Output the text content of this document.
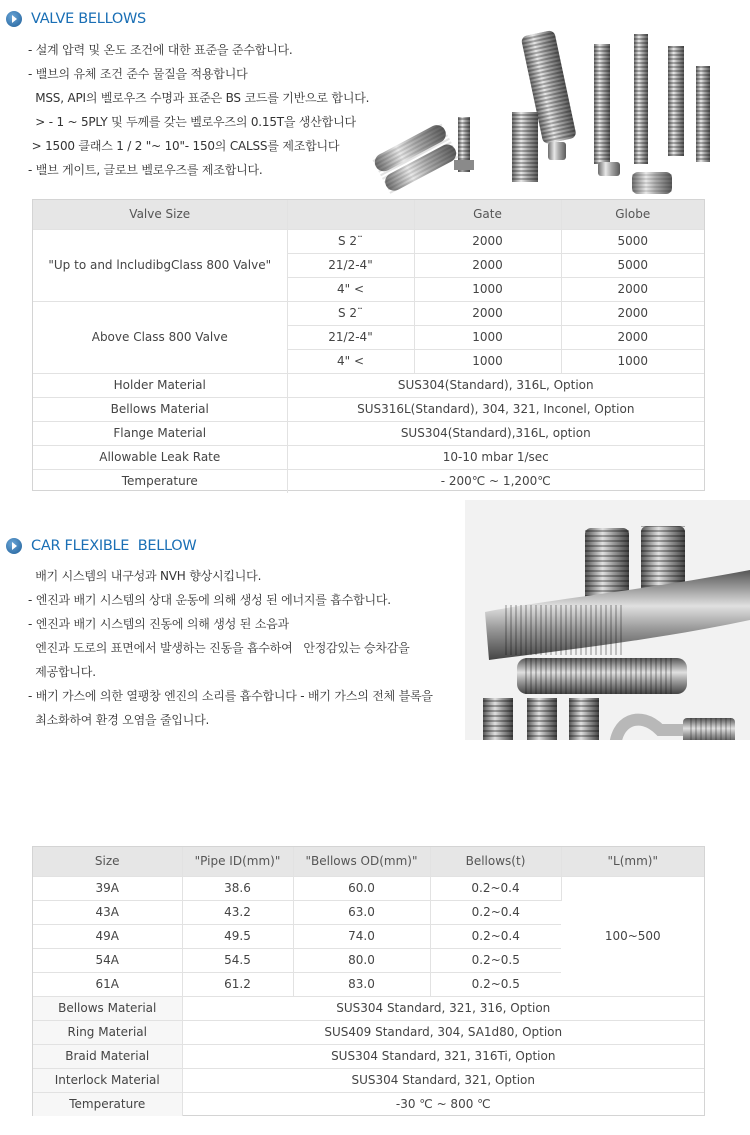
VALVE BELLOWS
- 설계 압력 및 온도 조건에 대한 표준을 준수합니다.
- 밸브의 유체 조건 준수 물질을 적용합니다
MSS, API의 벨로우즈 수명과 표준은 BS 코드를 기반으로 합니다.
> - 1 ~ 5PLY 및 두께를 갖는 벨로우즈의 0.15T을 생산합니다
> 1500 클래스 1 / 2 "~ 10"- 150의 CALSS를 제조합니다
- 밸브 게이트, 글로브 벨로우즈를 제조합니다.
Valve Size		Gate	Globe
"Up to and lncludibgClass 800 Valve"	S 2¨	2000	5000
	21/2-4"	2000	5000
	4" <	1000	2000
Above Class 800 Valve	S 2¨	2000	2000
	21/2-4"	1000	2000
	4" <	1000	1000
Holder Material	SUS304(Standard), 316L, Option		
Bellows Material	SUS316L(Standard), 304, 321, Inconel, Option		
Flange Material	SUS304(Standard),316L, option		
Allowable Leak Rate	10-10 mbar 1/sec		
Temperature	- 200℃ ~ 1,200℃		
CAR FLEXIBLE  BELLOW
배기 시스템의 내구성과 NVH 향상시킵니다.
- 엔진과 배기 시스템의 상대 운동에 의해 생성 된 에너지를 흡수합니다.
- 엔진과 배기 시스템의 진동에 의해 생성 된 소음과
엔진과 도로의 표면에서 발생하는 진동을 흡수하여   안정감있는 승차감을
제공합니다.
- 배기 가스에 의한 열팽창 엔진의 소리를 흡수합니다 - 배기 가스의 전체 블록을
최소화하여 환경 오염을 줄입니다.
Size	"Pipe ID(mm)"	"Bellows OD(mm)"	Bellows(t)	"L(mm)"
39A	38.6	60.0	0.2~0.4	100~500
43A	43.2	63.0	0.2~0.4	
49A	49.5	74.0	0.2~0.4	
54A	54.5	80.0	0.2~0.5	
61A	61.2	83.0	0.2~0.5	
Bellows Material	SUS304 Standard, 321, 316, Option			
Ring Material	SUS409 Standard, 304, SA1d80, Option			
Braid Material	SUS304 Standard, 321, 316Ti, Option			
Interlock Material	SUS304 Standard, 321, Option			
Temperature	-30 ℃ ~ 800 ℃			
